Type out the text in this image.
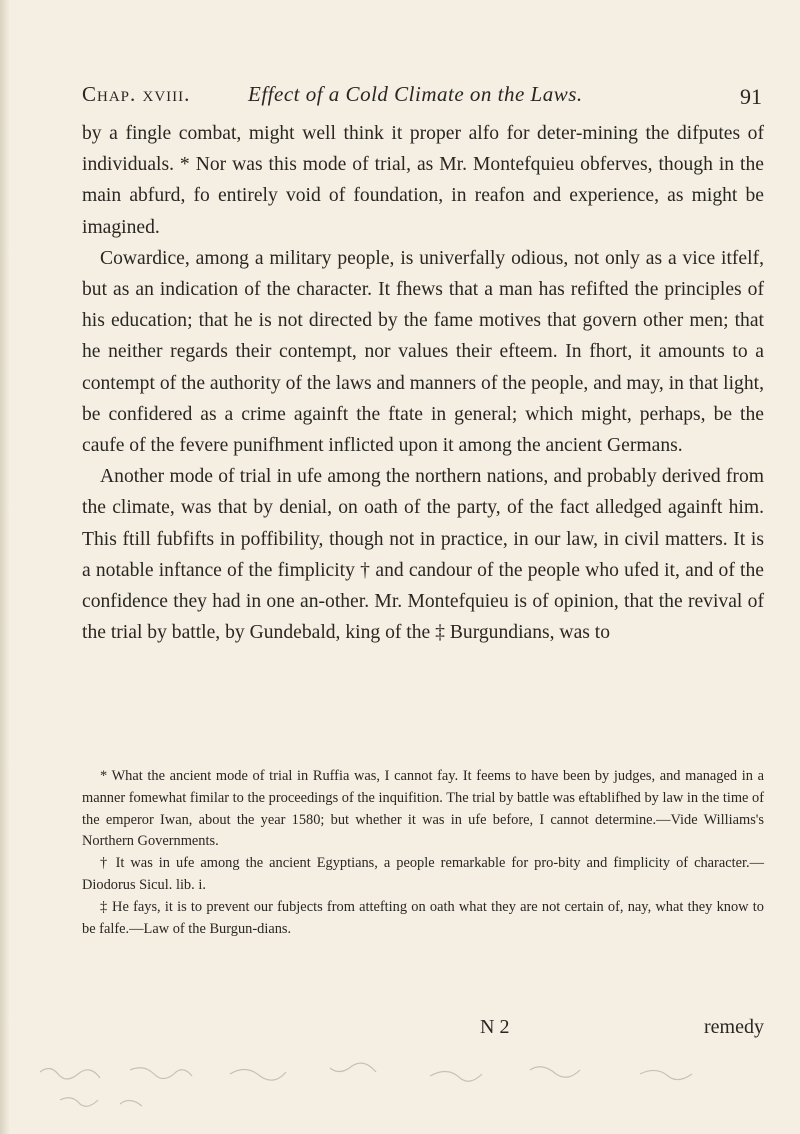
Chap. xviii.	Effect of a Cold Climate on the Laws.	91

by a fingle combat, might well think it proper alfo for deter-mining the difputes of individuals. * Nor was this mode of trial, as Mr. Montefquieu obferves, though in the main abfurd, fo entirely void of foundation, in reafon and experience, as might be imagined.

Cowardice, among a military people, is univerfally odious, not only as a vice itfelf, but as an indication of the character. It fhews that a man has refifted the principles of his education; that he is not directed by the fame motives that govern other men; that he neither regards their contempt, nor values their efteem. In fhort, it amounts to a contempt of the authority of the laws and manners of the people, and may, in that light, be confidered as a crime againft the ftate in general; which might, perhaps, be the caufe of the fevere punifhment inflicted upon it among the ancient Germans.

Another mode of trial in ufe among the northern nations, and probably derived from the climate, was that by denial, on oath of the party, of the fact alledged againft him. This ftill fubfifts in poffibility, though not in practice, in our law, in civil matters. It is a notable inftance of the fimplicity † and candour of the people who ufed it, and of the confidence they had in one an-other. Mr. Montefquieu is of opinion, that the revival of the trial by battle, by Gundebald, king of the ‡ Burgundians, was to

* What the ancient mode of trial in Ruffia was, I cannot fay. It feems to have been by judges, and managed in a manner fomewhat fimilar to the proceedings of the inquifition. The trial by battle was eftablifhed by law in the time of the emperor Iwan, about the year 1580; but whether it was in ufe before, I cannot determine.—Vide Williams's Northern Governments.

† It was in ufe among the ancient Egyptians, a people remarkable for pro-bity and fimplicity of character.—Diodorus Sicul. lib. i.

‡ He fays, it is to prevent our fubjects from attefting on oath what they are not certain of, nay, what they know to be falfe.—Law of the Burgun-dians.

N 2	remedy
